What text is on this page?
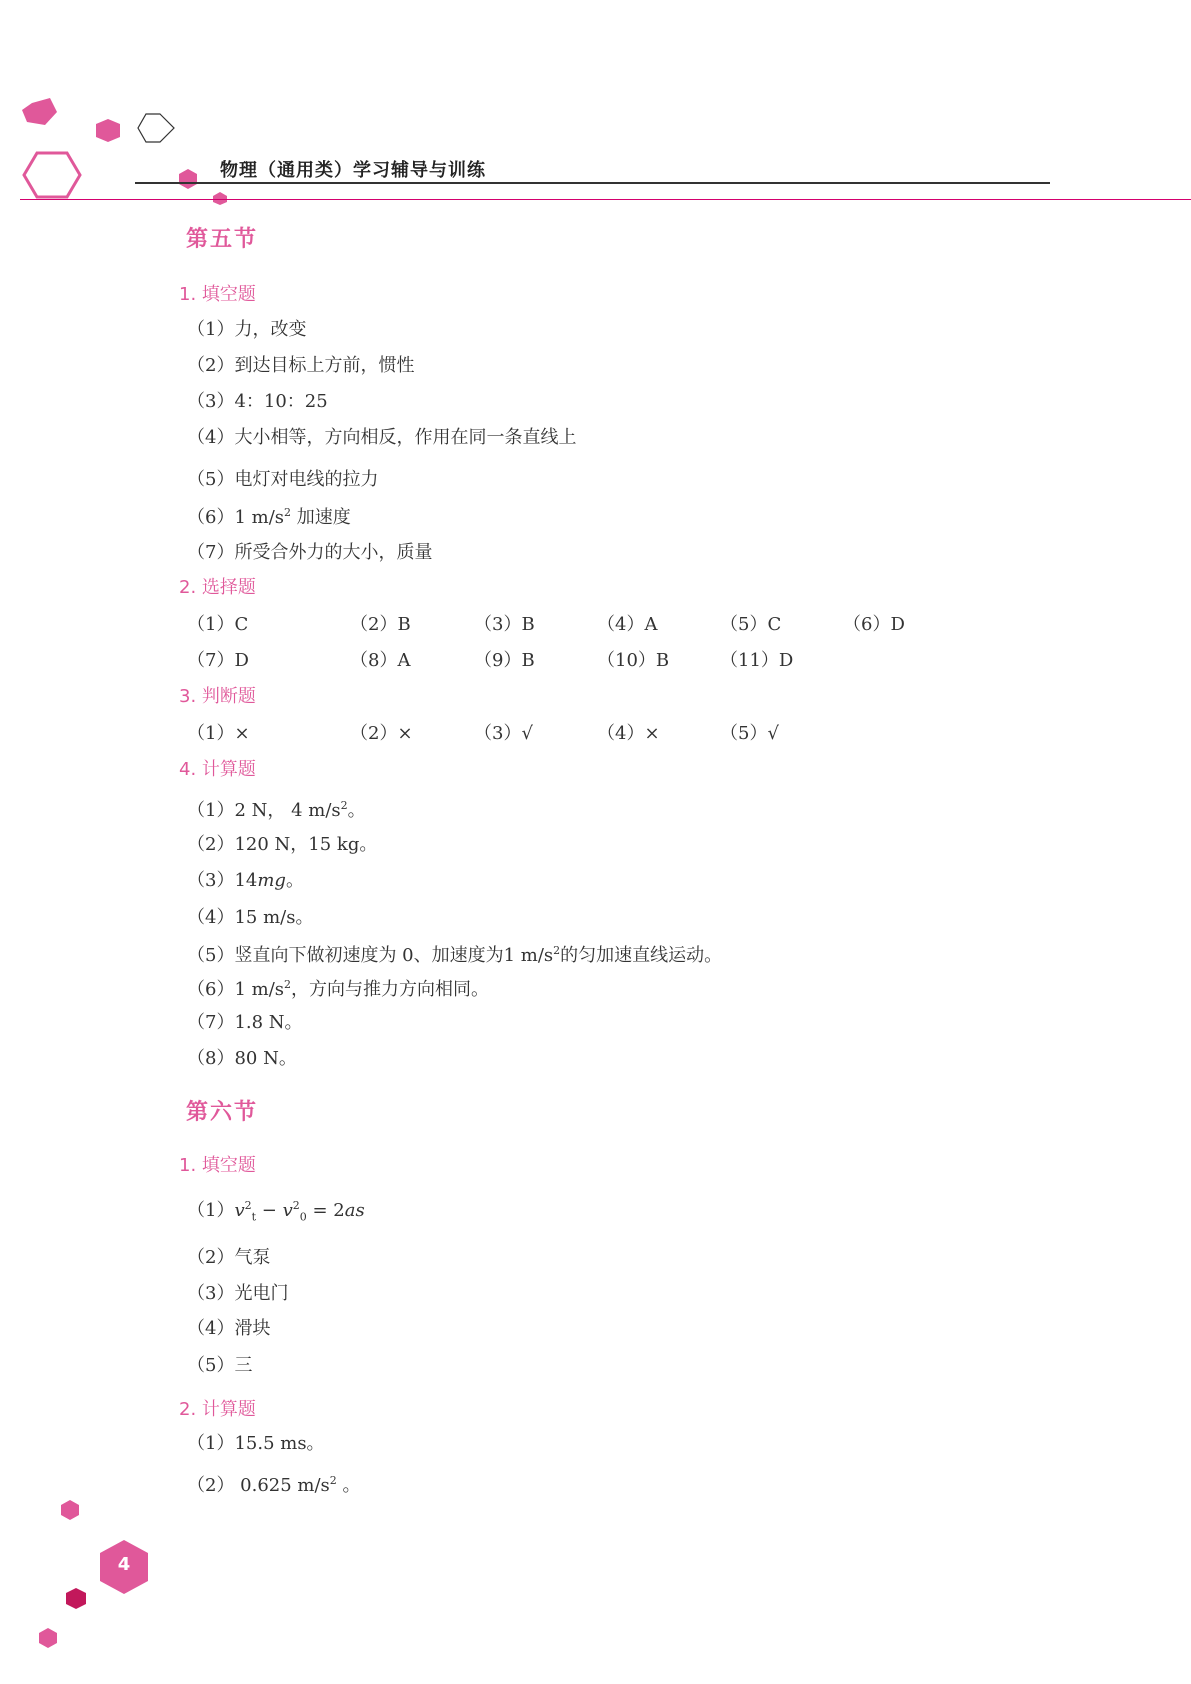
物理（通用类）学习辅导与训练
第五节
1. 填空题
（1）力，改变
（2）到达目标上方前，惯性
（3）4：10：25
（4）大小相等，方向相反，作用在同一条直线上
（5）电灯对电线的拉力
（6）1 $m/s^2$ 加速度
（7）所受合外力的大小，质量
2. 选择题
（1）C	（2）B	（3）B	（4）A	（5）C	（6）D
（7）D	（8）A	（9）B	（10）B	（11）D
3. 判断题
（1）×	（2）×	（3）√	（4）×	（5）√
4. 计算题
（1）2 N， 4 $m/s^2$。
（2）120 N，15 kg。
（3）14mg。
（4）15 m/s。
（5）竖直向下做初速度为 0、加速度为1 $m/s^2$的匀加速直线运动。
（6）1 $m/s^2$，方向与推力方向相同。
（7）1.8 N。
（8）80 N。
第六节
1. 填空题
$(1)v^2_t - v^2_0 = 2as$
（2）气泵
（3）光电门
（4）滑块
（5）三
2. 计算题
（1）15.5 ms。
（2） 0.625 $m/s^2$ 。
4
